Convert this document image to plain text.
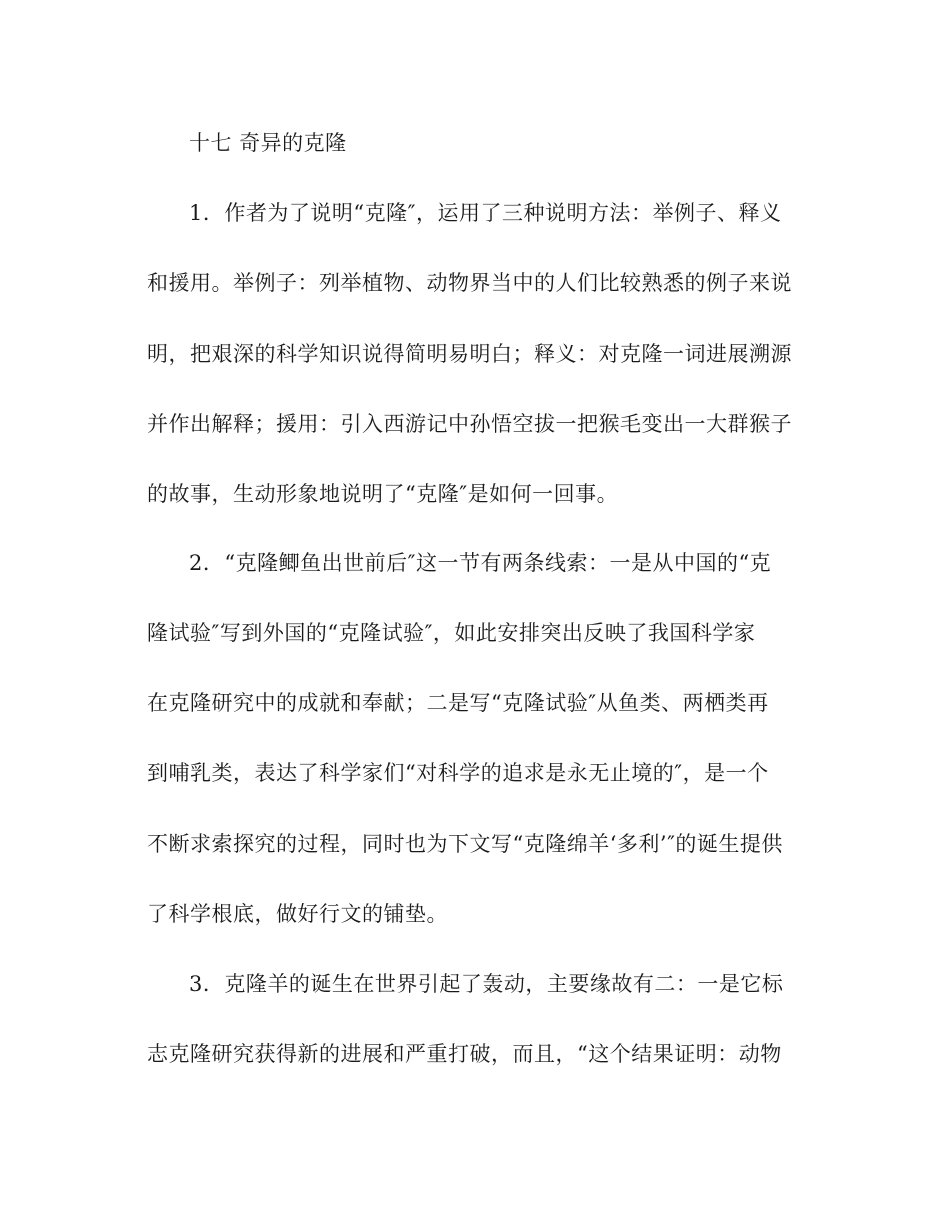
十七 奇异的克隆
1．作者为了说明“克隆″，运用了三种说明方法：举例子、释义
和援用。举例子：列举植物、动物界当中的人们比较熟悉的例子来说
明，把艰深的科学知识说得简明易明白；释义：对克隆一词进展溯源
并作出解释；援用：引入西游记中孙悟空拔一把猴毛变出一大群猴子
的故事，生动形象地说明了“克隆″是如何一回事。
2．“克隆鲫鱼出世前后″这一节有两条线索：一是从中国的“克
隆试验″写到外国的“克隆试验″，如此安排突出反映了我国科学家
在克隆研究中的成就和奉献；二是写“克隆试验″从鱼类、两栖类再
到哺乳类，表达了科学家们“对科学的追求是永无止境的″，是一个
不断求索探究的过程，同时也为下文写“克隆绵羊‘多利’″的诞生提供
了科学根底，做好行文的铺垫。
3．克隆羊的诞生在世界引起了轰动，主要缘故有二：一是它标
志克隆研究获得新的进展和严重打破，而且，“这个结果证明：动物
